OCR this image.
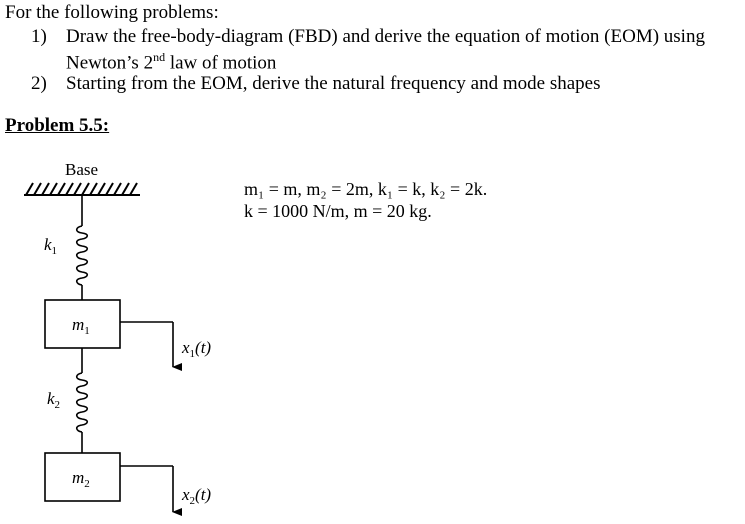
For the following problems:
1) Draw the free-body-diagram (FBD) and derive the equation of motion (EOM) using
Newton’s 2nd law of motion
2) Starting from the EOM, derive the natural frequency and mode shapes
Problem 5.5:
m₁ = m, m₂ = 2m, k₁ = k, k₂ = 2k.
k = 1000 N/m, m = 20 kg.
Base
$k_1$
$m_1$
$x_1(t)$
$k_2$
$m_2$
$x_2(t)$
